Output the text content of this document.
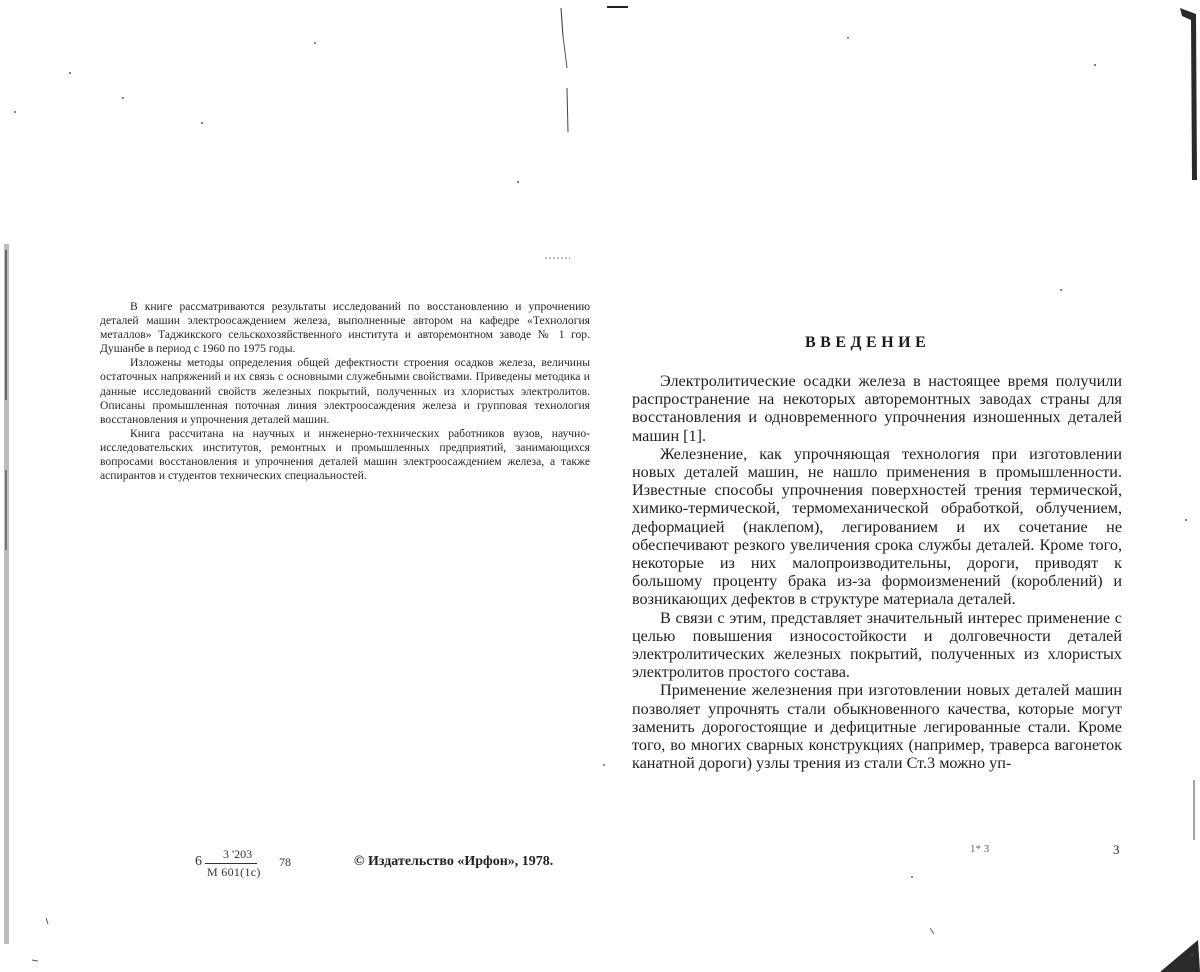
В книге рассматриваются результаты исследований по восстановлению и упрочнению деталей машин электроосаждением железа, выполненные автором на кафедре «Технология металлов» Таджикского сельскохозяйственного института и авторемонтном заводе № 1 гор. Душанбе в период с 1960 по 1975 годы.

Изложены методы определения общей дефектности строения осадков железа, величины остаточных напряжений и их связь с основными служебными свойствами. Приведены методика и данные исследований свойств железных покрытий, полученных из хлористых электролитов. Описаны промышленная поточная линия электроосаждения железа и групповая технология восстановления и упрочнения деталей машин.

Книга рассчитана на научных и инженерно-технических работников вузов, научно-исследовательских институтов, ремонтных и промышленных предприятий, занимающихся вопросами восстановления и упрочнения деталей машин электроосаждением железа, а также аспирантов и студентов технических специальностей.

6 3 '203
М 601(1с)
78	© Издательство «Ирфон», 1978.
ВВЕДЕНИЕ

Электролитические осадки железа в настоящее время получили распространение на некоторых авторемонтных заводах страны для восстановления и одновременного упрочнения изношенных деталей машин [1].

Железнение, как упрочняющая технология при изготовлении новых деталей машин, не нашло применения в промышленности. Известные способы упрочнения поверхностей трения термической, химико-термической, термомеханической обработкой, облучением, деформацией (наклепом), легированием и их сочетание не обеспечивают резкого увеличения срока службы деталей. Кроме того, некоторые из них малопроизводительны, дороги, приводят к большому проценту брака из-за формоизменений (короблений) и возникающих дефектов в структуре материала деталей.

В связи с этим, представляет значительный интерес применение с целью повышения износостойкости и долговечности деталей электролитических железных покрытий, полученных из хлористых электролитов простого состава.

Применение железнения при изготовлении новых деталей машин позволяет упрочнять стали обыкновенного качества, которые могут заменить дорогостоящие и дефицитные легированные стали. Кроме того, во многих сварных конструкциях (например, траверса вагонеток канатной дороги) узлы трения из стали Ст.3 можно уп-

1* З	3
